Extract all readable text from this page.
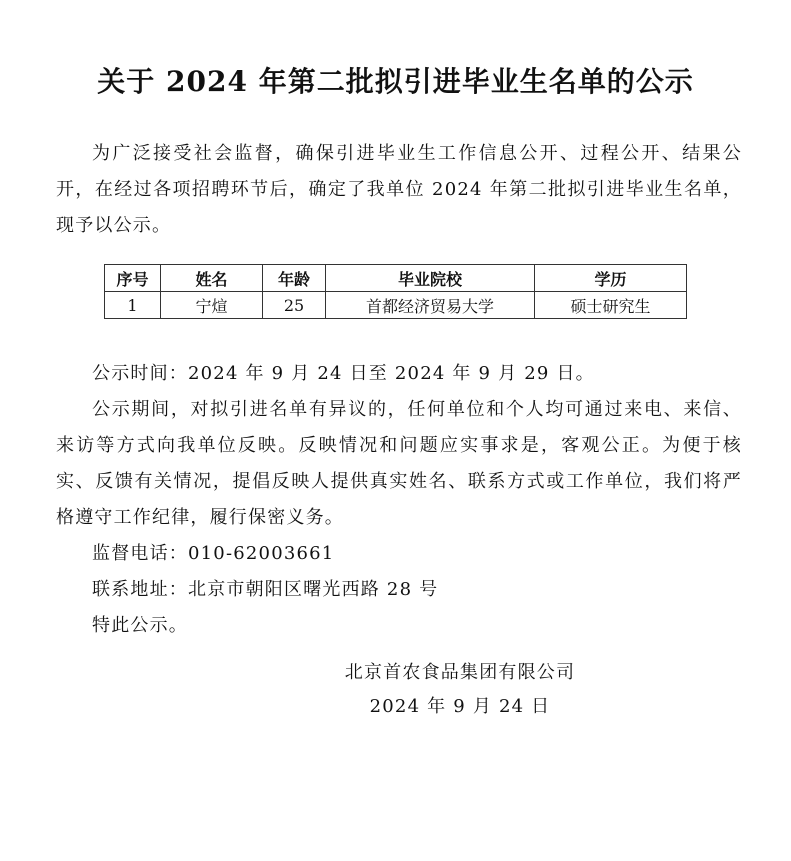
关于 2024 年第二批拟引进毕业生名单的公示
为广泛接受社会监督，确保引进毕业生工作信息公开、过程公开、结果公开，在经过各项招聘环节后，确定了我单位 2024 年第二批拟引进毕业生名单，现予以公示。
序号	姓名	年龄	毕业院校	学历
1	宁煊	25	首都经济贸易大学	硕士研究生

公示时间：2024 年 9 月 24 日至 2024 年 9 月 29 日。

公示期间，对拟引进名单有异议的，任何单位和个人均可通过来电、来信、来访等方式向我单位反映。反映情况和问题应实事求是，客观公正。为便于核实、反馈有关情况，提倡反映人提供真实姓名、联系方式或工作单位，我们将严格遵守工作纪律，履行保密义务。

监督电话：010-62003661

联系地址：北京市朝阳区曙光西路 28 号

特此公示。

北京首农食品集团有限公司
2024 年 9 月 24 日
